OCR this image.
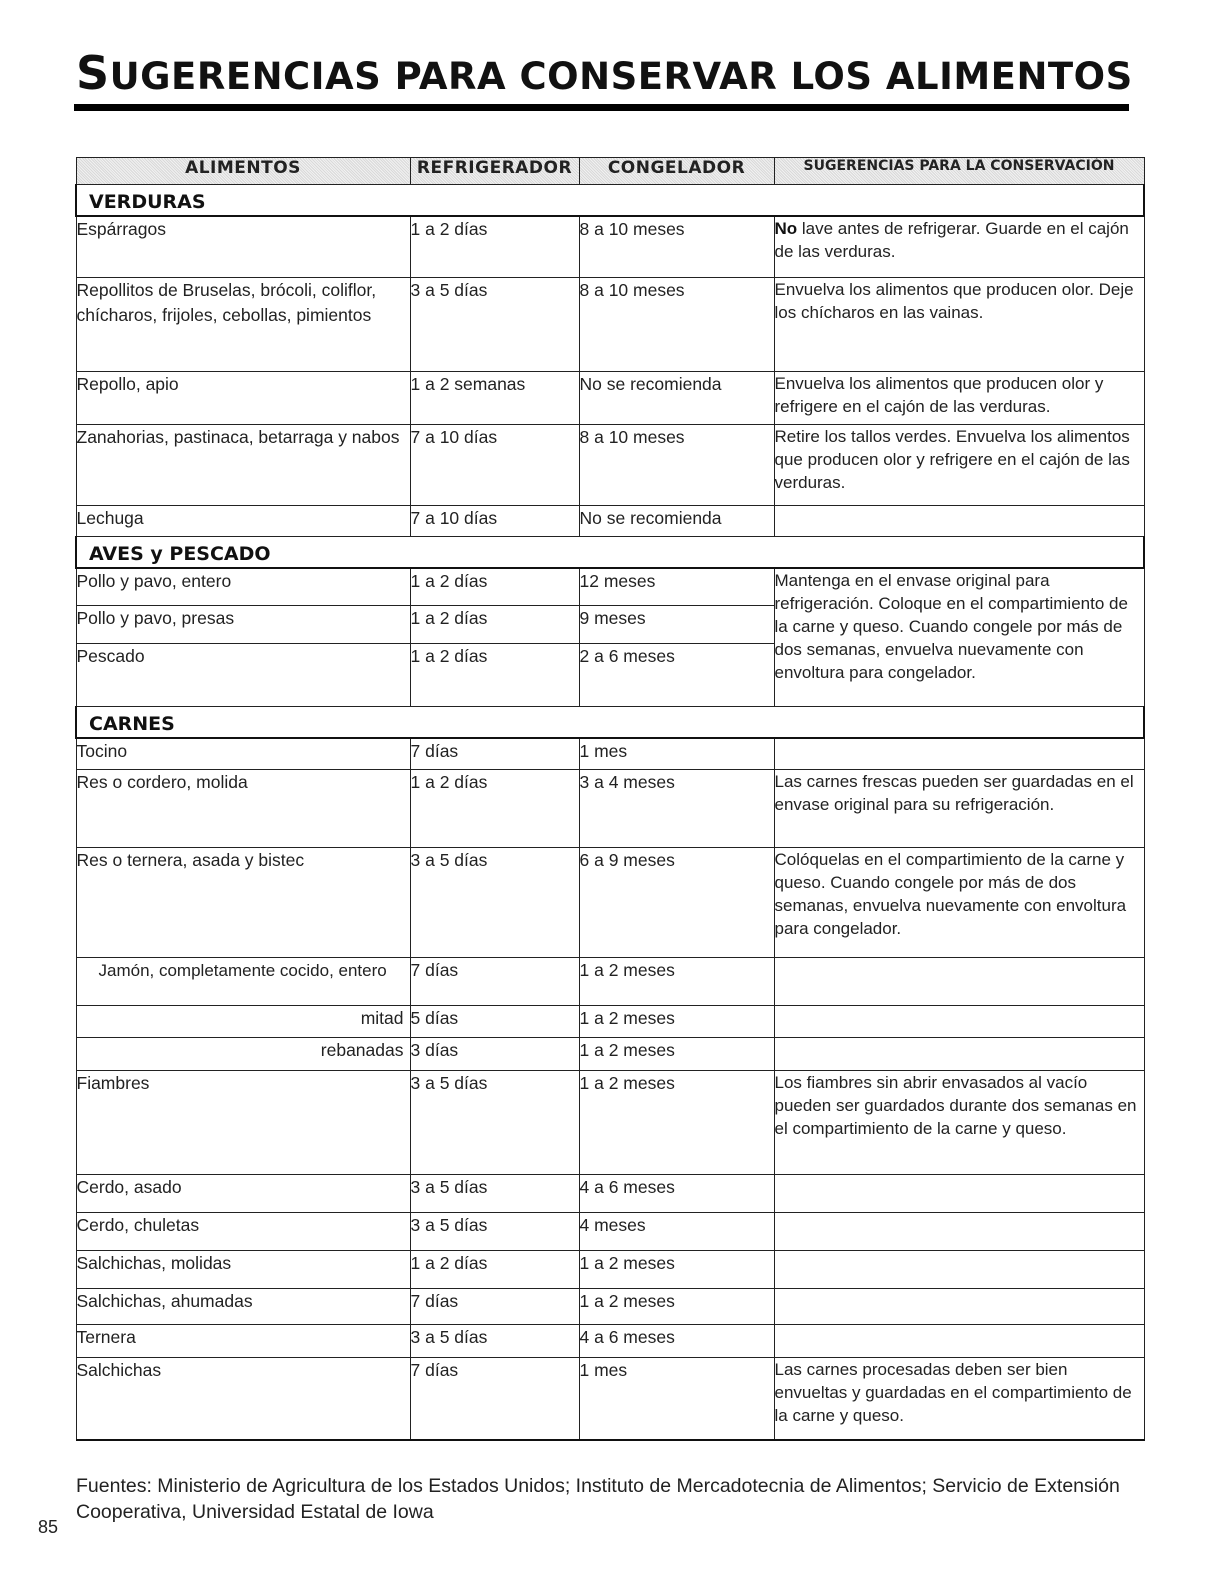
SUGERENCIAS PARA CONSERVAR LOS ALIMENTOS
ALIMENTOS	REFRIGERADOR	CONGELADOR	SUGERENCIAS PARA LA CONSERVACIÓN
VERDURAS			
Espárragos	1 a 2 días	8 a 10 meses	No lave antes de refrigerar. Guarde en el cajón de las verduras.
Repollitos de Bruselas, brócoli, coliflor, chícharos, frijoles, cebollas, pimientos	3 a 5 días	8 a 10 meses	Envuelva los alimentos que producen olor. Deje los chícharos en las vainas.
Repollo, apio	1 a 2 semanas	No se recomienda	Envuelva los alimentos que producen olor y refrigere en el cajón de las verduras.
Zanahorias, pastinaca, betarraga y nabos	7 a 10 días	8 a 10 meses	Retire los tallos verdes. Envuelva los alimentos que producen olor y refrigere en el cajón de las verduras.
Lechuga	7 a 10 días	No se recomienda	
AVES y PESCADO			
Pollo y pavo, entero	1 a 2 días	12 meses	Mantenga en el envase original para refrigeración. Coloque en el compartimiento de la carne y queso. Cuando congele por más de dos semanas, envuelva nuevamente con envoltura para congelador.
Pollo y pavo, presas	1 a 2 días	9 meses	
Pescado	1 a 2 días	2 a 6 meses	
CARNES			
Tocino	7 días	1 mes	
Res o cordero, molida	1 a 2 días	3 a 4 meses	Las carnes frescas pueden ser guardadas en el envase original para su refrigeración.
Res o ternera, asada y bistec	3 a 5 días	6 a 9 meses	Colóquelas en el compartimiento de la carne y queso. Cuando congele por más de dos semanas, envuelva nuevamente con envoltura para congelador.
Jamón, completamente cocido, entero	7 días	1 a 2 meses	
mitad	5 días	1 a 2 meses	
rebanadas	3 días	1 a 2 meses	
Fiambres	3 a 5 días	1 a 2 meses	Los fiambres sin abrir envasados al vacío pueden ser guardados durante dos semanas en el compartimiento de la carne y queso.
Cerdo, asado	3 a 5 días	4 a 6 meses	
Cerdo, chuletas	3 a 5 días	4 meses	
Salchichas, molidas	1 a 2 días	1 a 2 meses	
Salchichas, ahumadas	7 días	1 a 2 meses	
Ternera	3 a 5 días	4 a 6 meses	
Salchichas	7 días	1 mes	Las carnes procesadas deben ser bien envueltas y guardadas en el compartimiento de la carne y queso.

Fuentes: Ministerio de Agricultura de los Estados Unidos; Instituto de Mercadotecnia de Alimentos; Servicio de Extensión Cooperativa, Universidad Estatal de Iowa

85
